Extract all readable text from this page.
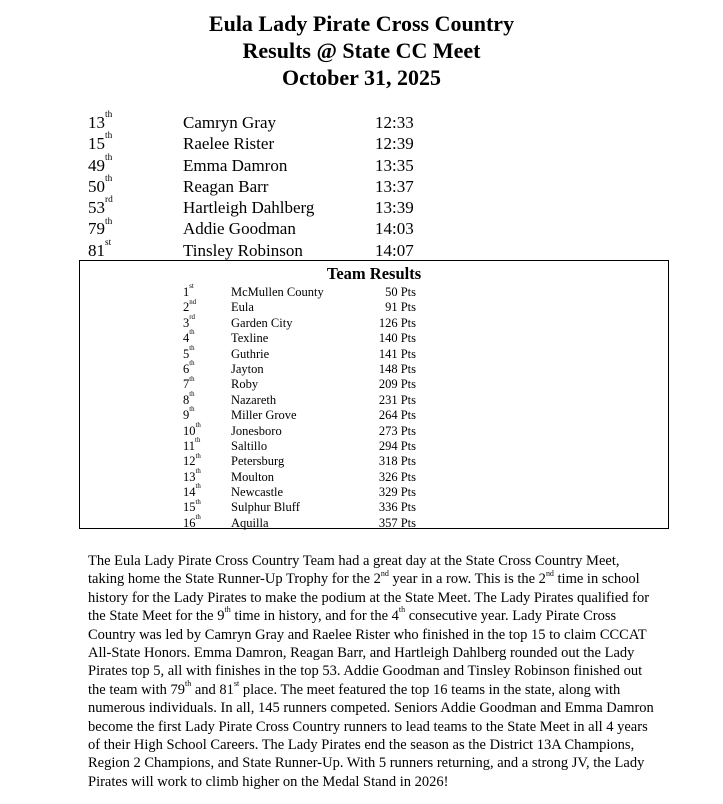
Eula Lady Pirate Cross Country
Results @ State CC Meet
October 31, 2025
13th	Camryn Gray	12:33
15th	Raelee Rister	12:39
49th	Emma Damron	13:35
50th	Reagan Barr	13:37
53rd	Hartleigh Dahlberg	13:39
79th	Addie Goodman	14:03
81st	Tinsley Robinson	14:07
Team Results
1st	McMullen County	50 Pts
2nd	Eula	91 Pts
3rd	Garden City	126 Pts
4th	Texline	140 Pts
5th	Guthrie	141 Pts
6th	Jayton	148 Pts
7th	Roby	209 Pts
8th	Nazareth	231 Pts
9th	Miller Grove	264 Pts
10th Jonesboro	273 Pts
11th Saltillo	294 Pts
12th Petersburg	318 Pts
13th Moulton	326 Pts
14th Newcastle	329 Pts
15th Sulphur Bluff	336 Pts
16th Aquilla	357 Pts

The Eula Lady Pirate Cross Country Team had a great day at the State Cross Country Meet, taking home the State Runner-Up Trophy for the 2nd year in a row. This is the 2nd time in school history for the Lady Pirates to make the podium at the State Meet. The Lady Pirates qualified for the State Meet for the 9th time in history, and for the 4th consecutive year. Lady Pirate Cross Country was led by Camryn Gray and Raelee Rister who finished in the top 15 to claim CCCAT All-State Honors. Emma Damron, Reagan Barr, and Hartleigh Dahlberg rounded out the Lady Pirates top 5, all with finishes in the top 53. Addie Goodman and Tinsley Robinson finished out the team with 79th and 81st place. The meet featured the top 16 teams in the state, along with numerous individuals. In all, 145 runners competed. Seniors Addie Goodman and Emma Damron become the first Lady Pirate Cross Country runners to lead teams to the State Meet in all 4 years of their High School Careers. The Lady Pirates end the season as the District 13A Champions, Region 2 Champions, and State Runner-Up. With 5 runners returning, and a strong JV, the Lady Pirates will work to climb higher on the Medal Stand in 2026!
